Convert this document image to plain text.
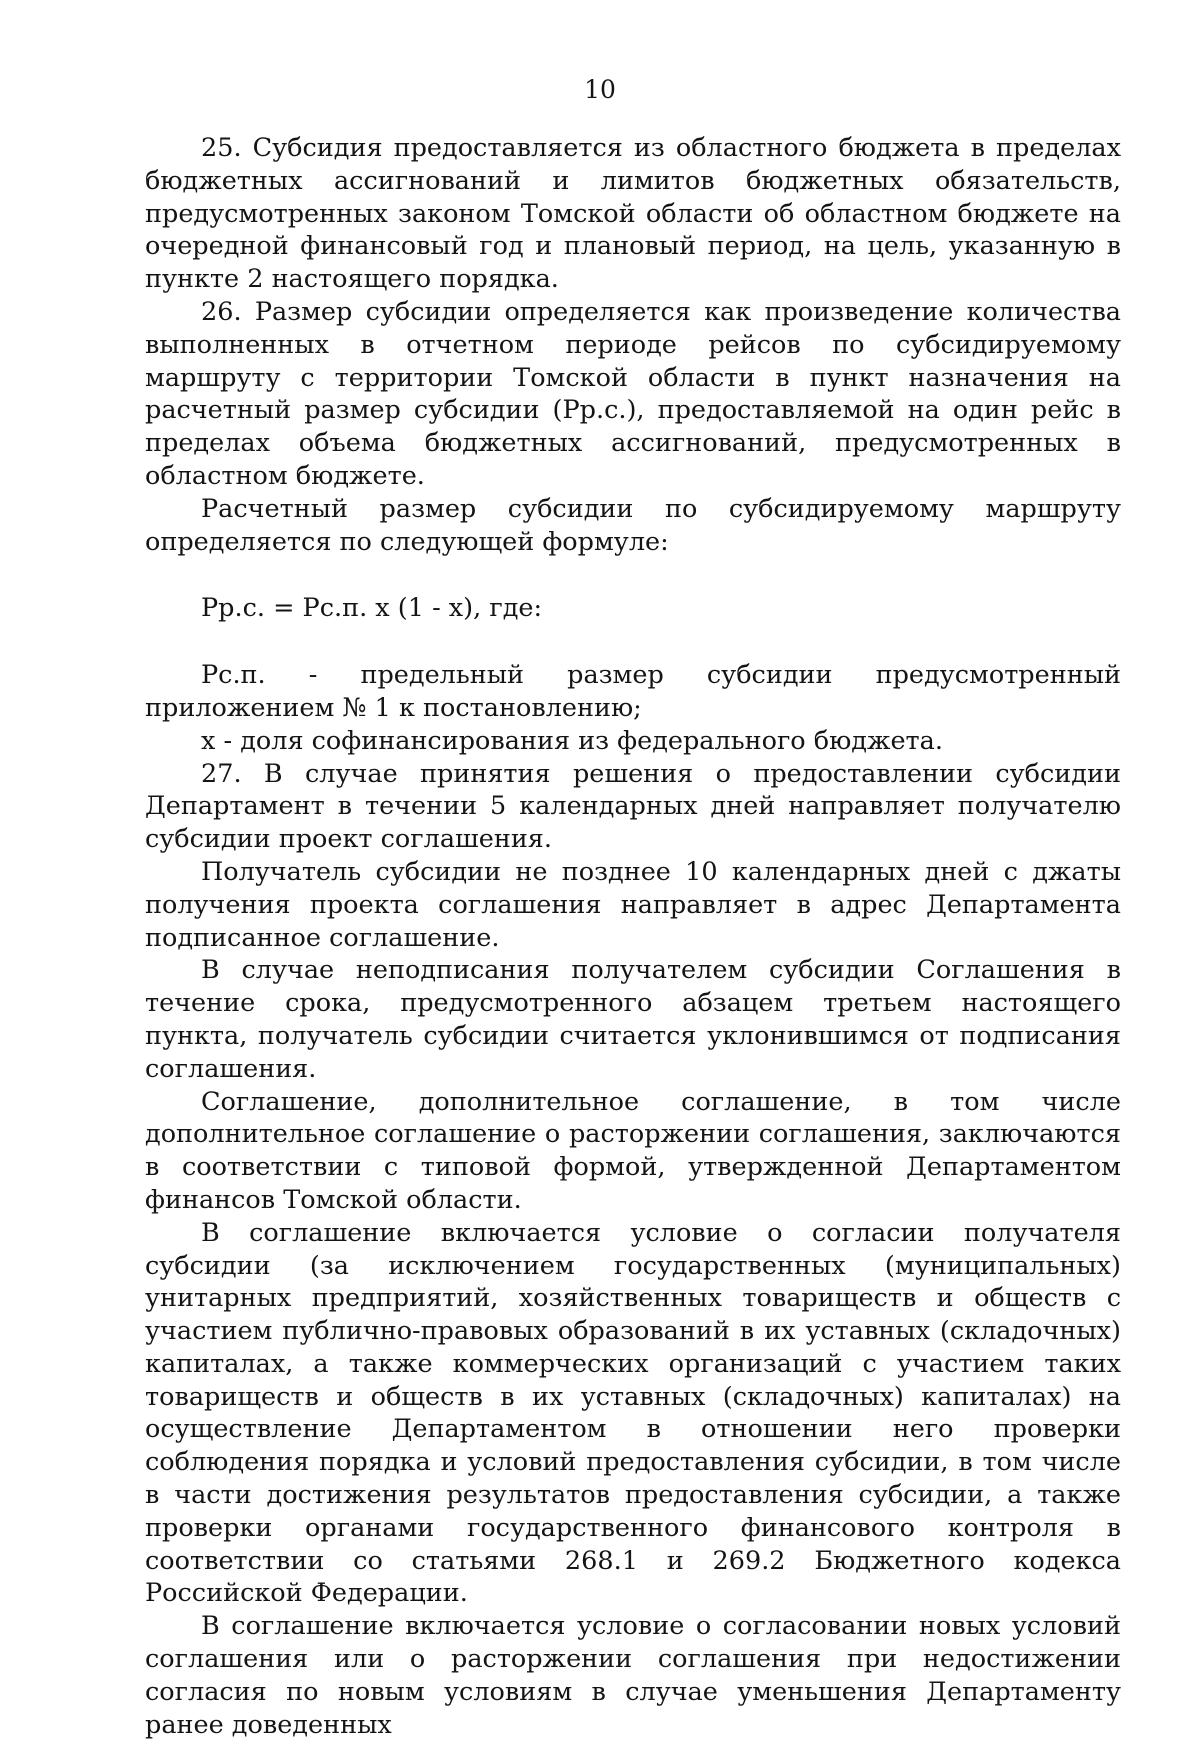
10

25. Субсидия предоставляется из областного бюджета в пределах бюджетных ассигнований и лимитов бюджетных обязательств, предусмотренных законом Томской области об областном бюджете на очередной финансовый год и плановый период, на цель, указанную в пункте 2 настоящего порядка.

26. Размер субсидии определяется как произведение количества выполненных в отчетном периоде рейсов по субсидируемому маршруту с территории Томской области в пункт назначения на расчетный размер субсидии (Рр.с.), предоставляемой на один рейс в пределах объема бюджетных ассигнований, предусмотренных в областном бюджете.

Расчетный размер субсидии по субсидируемому маршруту определяется по следующей формуле:

Рр.с. = Рс.п. х (1 - х), где:

Рс.п. - предельный размер субсидии предусмотренный приложением № 1 к постановлению;

х - доля софинансирования из федерального бюджета.

27. В случае принятия решения о предоставлении субсидии Департамент в течении 5 календарных дней направляет получателю субсидии проект соглашения.

Получатель субсидии не позднее 10 календарных дней с джаты получения проекта соглашения направляет в адрес Департамента подписанное соглашение.

В случае неподписания получателем субсидии Соглашения в течение срока, предусмотренного абзацем третьем настоящего пункта, получатель субсидии считается уклонившимся от подписания соглашения.

Соглашение, дополнительное соглашение, в том числе дополнительное соглашение о расторжении соглашения, заключаются в соответствии с типовой формой, утвержденной Департаментом финансов Томской области.

В соглашение включается условие о согласии получателя субсидии (за исключением государственных (муниципальных) унитарных предприятий, хозяйственных товариществ и обществ с участием публично-правовых образований в их уставных (складочных) капиталах, а также коммерческих организаций с участием таких товариществ и обществ в их уставных (складочных) капиталах) на осуществление Департаментом в отношении него проверки соблюдения порядка и условий предоставления субсидии, в том числе в части достижения результатов предоставления субсидии, а также проверки органами государственного финансового контроля в соответствии со статьями 268.1 и 269.2 Бюджетного кодекса Российской Федерации.

В соглашение включается условие о согласовании новых условий соглашения или о расторжении соглашения при недостижении согласия по новым условиям в случае уменьшения Департаменту ранее доведенных
